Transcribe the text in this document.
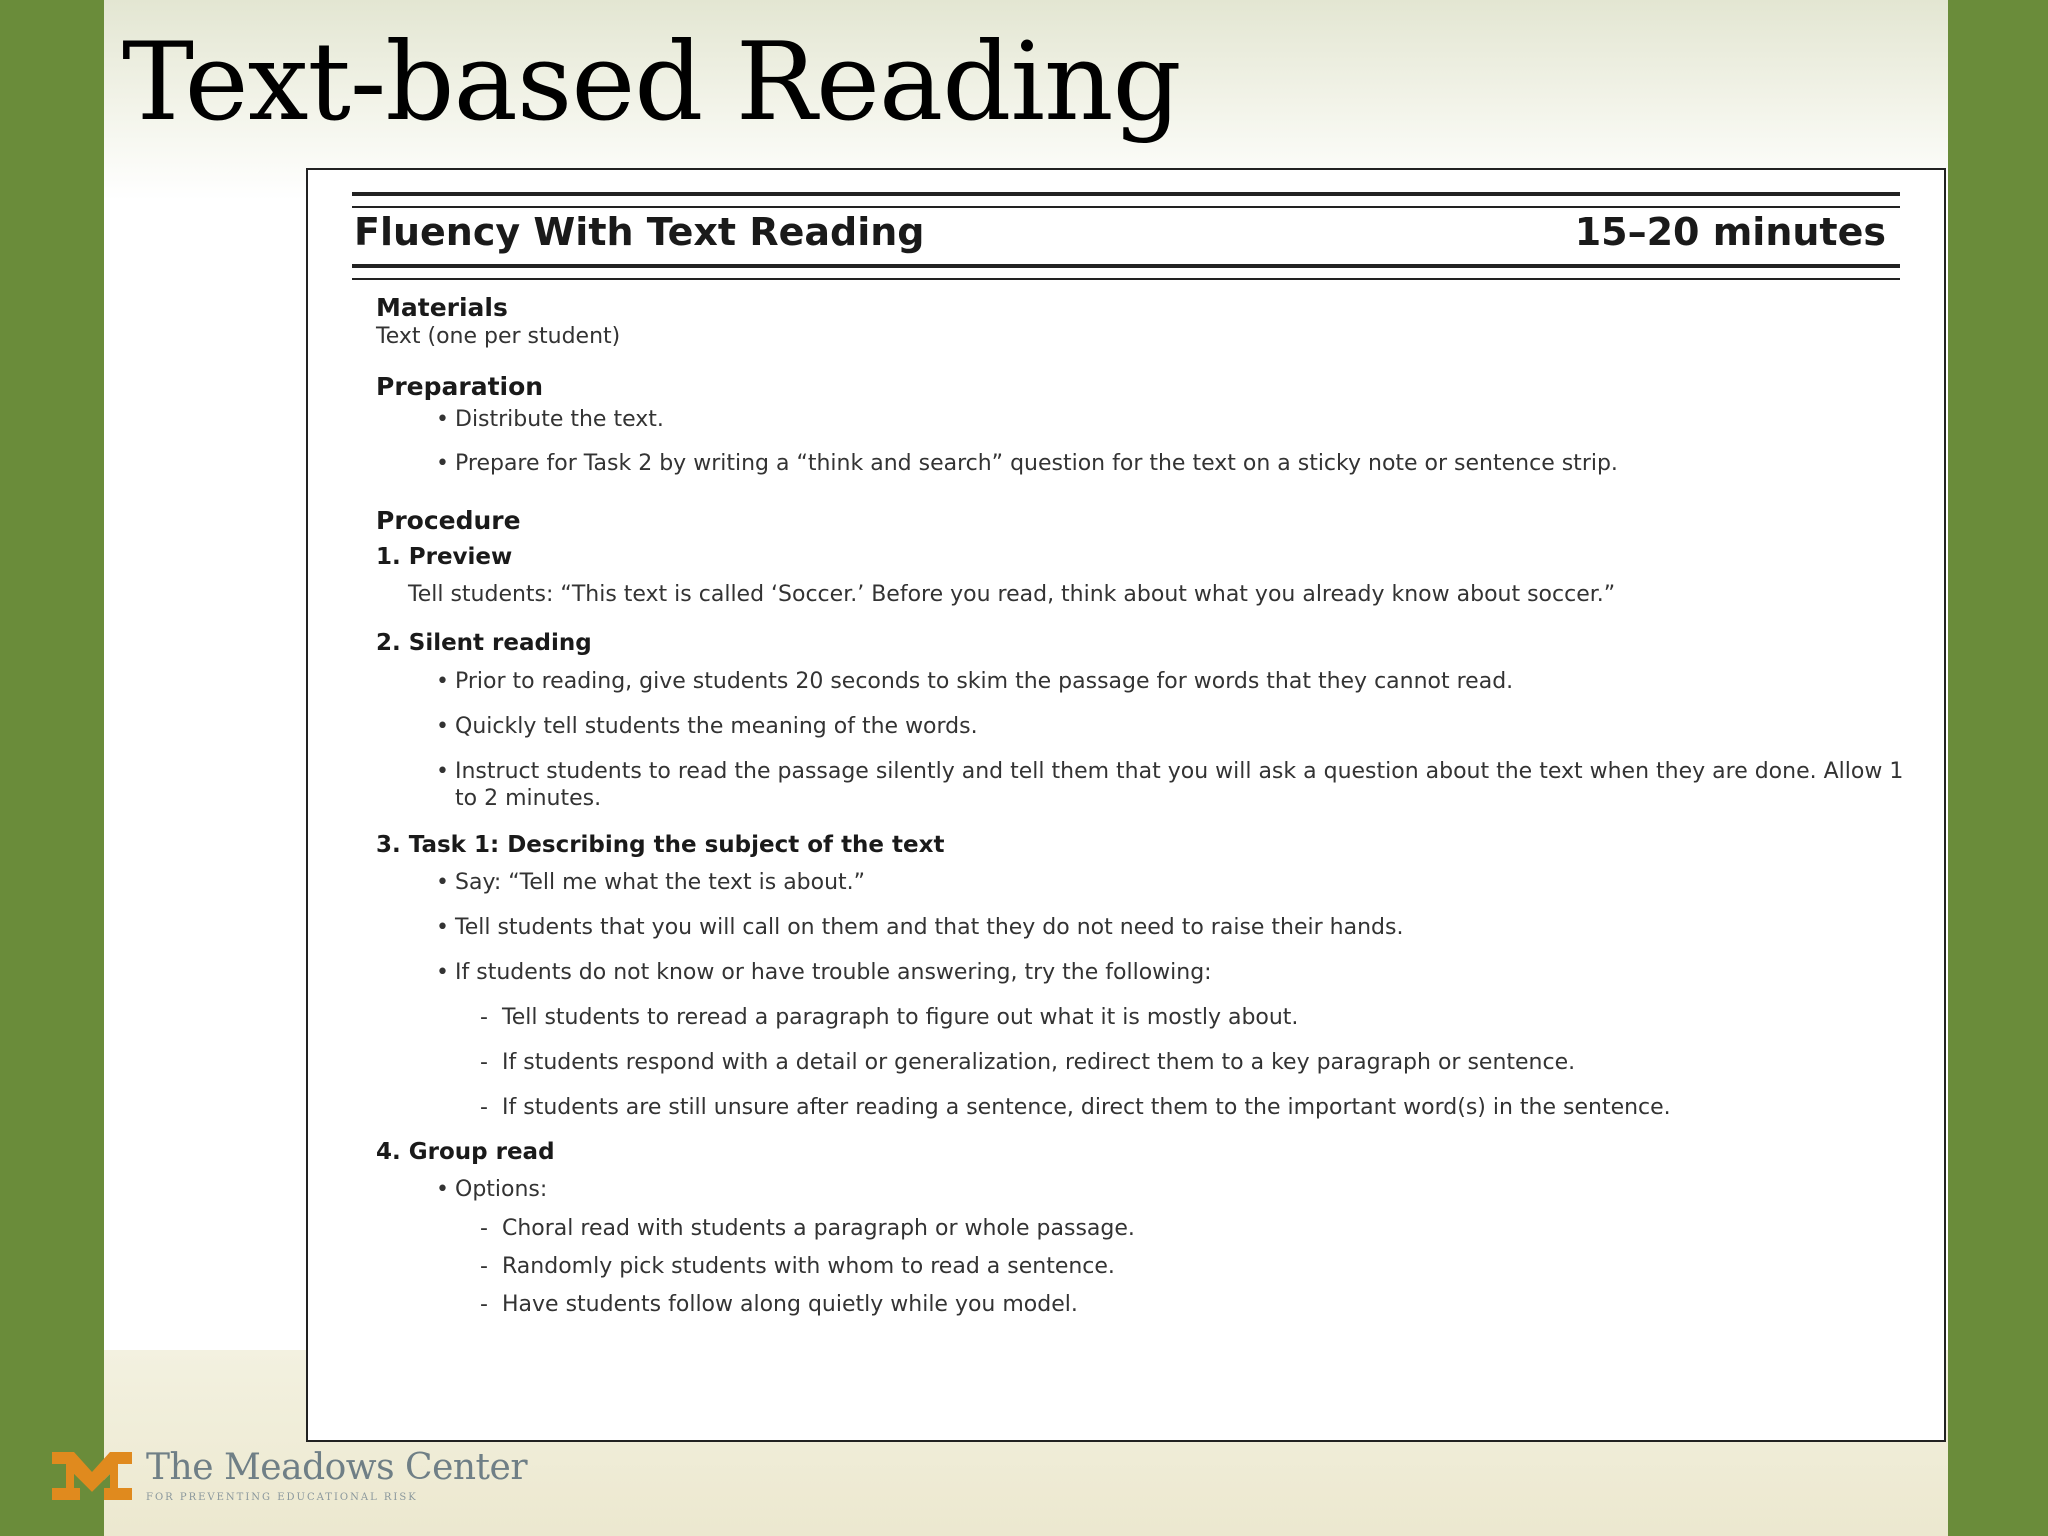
Text-based Reading
Fluency With Text Reading	15–20 minutes
Materials
Text (one per student)
Preparation
• Distribute the text.
• Prepare for Task 2 by writing a “think and search” question for the text on a sticky note or sentence strip.
Procedure
1. Preview
Tell students: “This text is called ‘Soccer.’ Before you read, think about what you already know about soccer.”
2. Silent reading
• Prior to reading, give students 20 seconds to skim the passage for words that they cannot read.
• Quickly tell students the meaning of the words.
• Instruct students to read the passage silently and tell them that you will ask a question about the text when they are done. Allow 1 to 2 minutes.
3. Task 1: Describing the subject of the text
• Say: “Tell me what the text is about.”
• Tell students that you will call on them and that they do not need to raise their hands.
• If students do not know or have trouble answering, try the following:
- Tell students to reread a paragraph to figure out what it is mostly about.
- If students respond with a detail or generalization, redirect them to a key paragraph or sentence.
- If students are still unsure after reading a sentence, direct them to the important word(s) in the sentence.
4. Group read
• Options:
- Choral read with students a paragraph or whole passage.
- Randomly pick students with whom to read a sentence.
- Have students follow along quietly while you model.
The Meadows Center
FOR PREVENTING EDUCATIONAL RISK
